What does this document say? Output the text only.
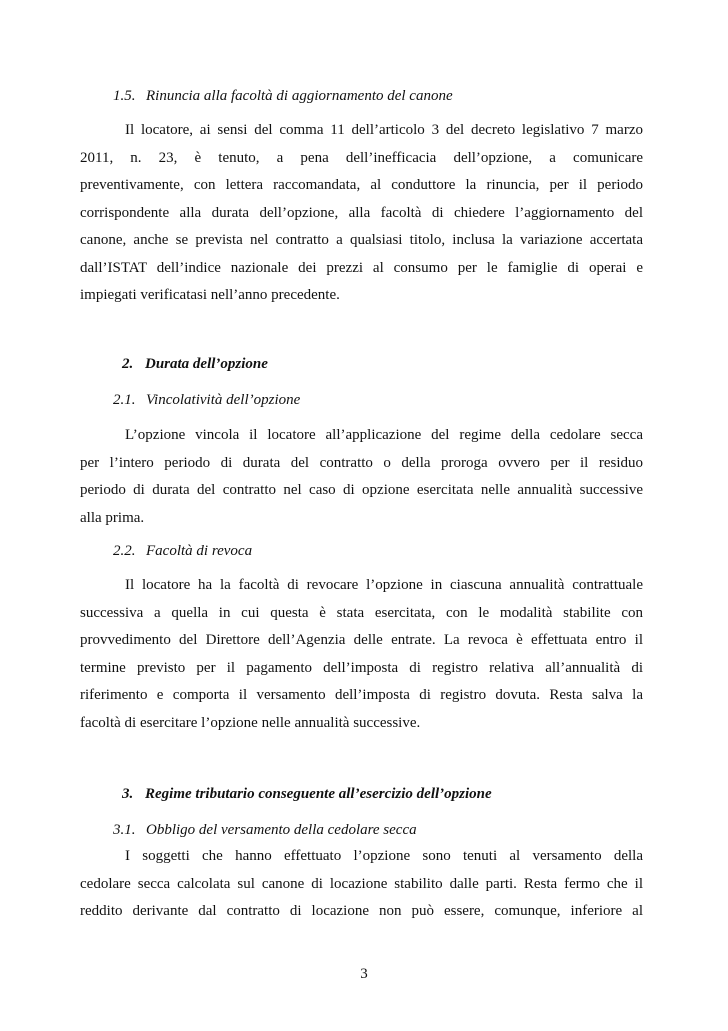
1.5. Rinuncia alla facoltà di aggiornamento del canone
Il locatore, ai sensi del comma 11 dell’articolo 3 del decreto legislativo 7 marzo
2011, n. 23, è tenuto, a pena dell’inefficacia dell’opzione, a comunicare
preventivamente, con lettera raccomandata, al conduttore la rinuncia, per il periodo
corrispondente alla durata dell’opzione, alla facoltà di chiedere l’aggiornamento del
canone, anche se prevista nel contratto a qualsiasi titolo, inclusa la variazione accertata
dall’ISTAT dell’indice nazionale dei prezzi al consumo per le famiglie di operai e
impiegati verificatasi nell’anno precedente.
2. Durata dell’opzione
2.1. Vincolatività dell’opzione
L’opzione vincola il locatore all’applicazione del regime della cedolare secca
per l’intero periodo di durata del contratto o della proroga ovvero per il residuo
periodo di durata del contratto nel caso di opzione esercitata nelle annualità successive
alla prima.
2.2. Facoltà di revoca
Il locatore ha la facoltà di revocare l’opzione in ciascuna annualità contrattuale
successiva a quella in cui questa è stata esercitata, con le modalità stabilite con
provvedimento del Direttore dell’Agenzia delle entrate. La revoca è effettuata entro il
termine previsto per il pagamento dell’imposta di registro relativa all’annualità di
riferimento e comporta il versamento dell’imposta di registro dovuta. Resta salva la
facoltà di esercitare l’opzione nelle annualità successive.
3. Regime tributario conseguente all’esercizio dell’opzione
3.1. Obbligo del versamento della cedolare secca
I soggetti che hanno effettuato l’opzione sono tenuti al versamento della
cedolare secca calcolata sul canone di locazione stabilito dalle parti. Resta fermo che il
reddito derivante dal contratto di locazione non può essere, comunque, inferiore al
3
